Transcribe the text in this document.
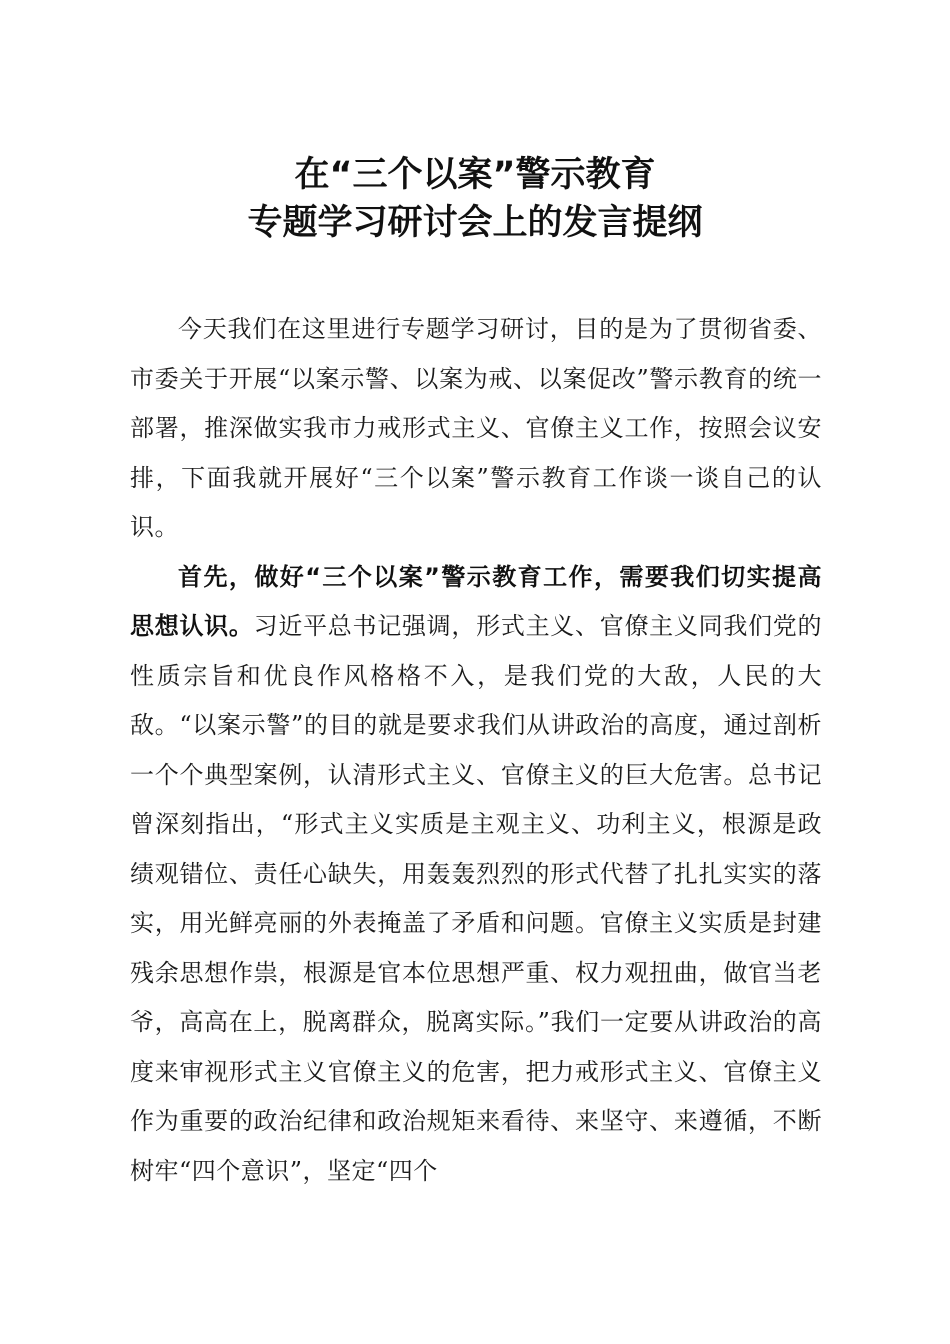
在“三个以案”警示教育
专题学习研讨会上的发言提纲

今天我们在这里进行专题学习研讨，目的是为了贯彻省委、市委关于开展“以案示警、以案为戒、以案促改”警示教育的统一部署，推深做实我市力戒形式主义、官僚主义工作，按照会议安排，下面我就开展好“三个以案”警示教育工作谈一谈自己的认识。

首先，做好“三个以案”警示教育工作，需要我们切实提高思想认识。习近平总书记强调，形式主义、官僚主义同我们党的性质宗旨和优良作风格格不入，是我们党的大敌，人民的大敌。“以案示警”的目的就是要求我们从讲政治的高度，通过剖析一个个典型案例，认清形式主义、官僚主义的巨大危害。总书记曾深刻指出，“形式主义实质是主观主义、功利主义，根源是政绩观错位、责任心缺失，用轰轰烈烈的形式代替了扎扎实实的落实，用光鲜亮丽的外表掩盖了矛盾和问题。官僚主义实质是封建残余思想作祟，根源是官本位思想严重、权力观扭曲，做官当老爷，高高在上，脱离群众，脱离实际。”我们一定要从讲政治的高度来审视形式主义官僚主义的危害，把力戒形式主义、官僚主义作为重要的政治纪律和政治规矩来看待、来坚守、来遵循，不断树牢“四个意识”，坚定“四个
